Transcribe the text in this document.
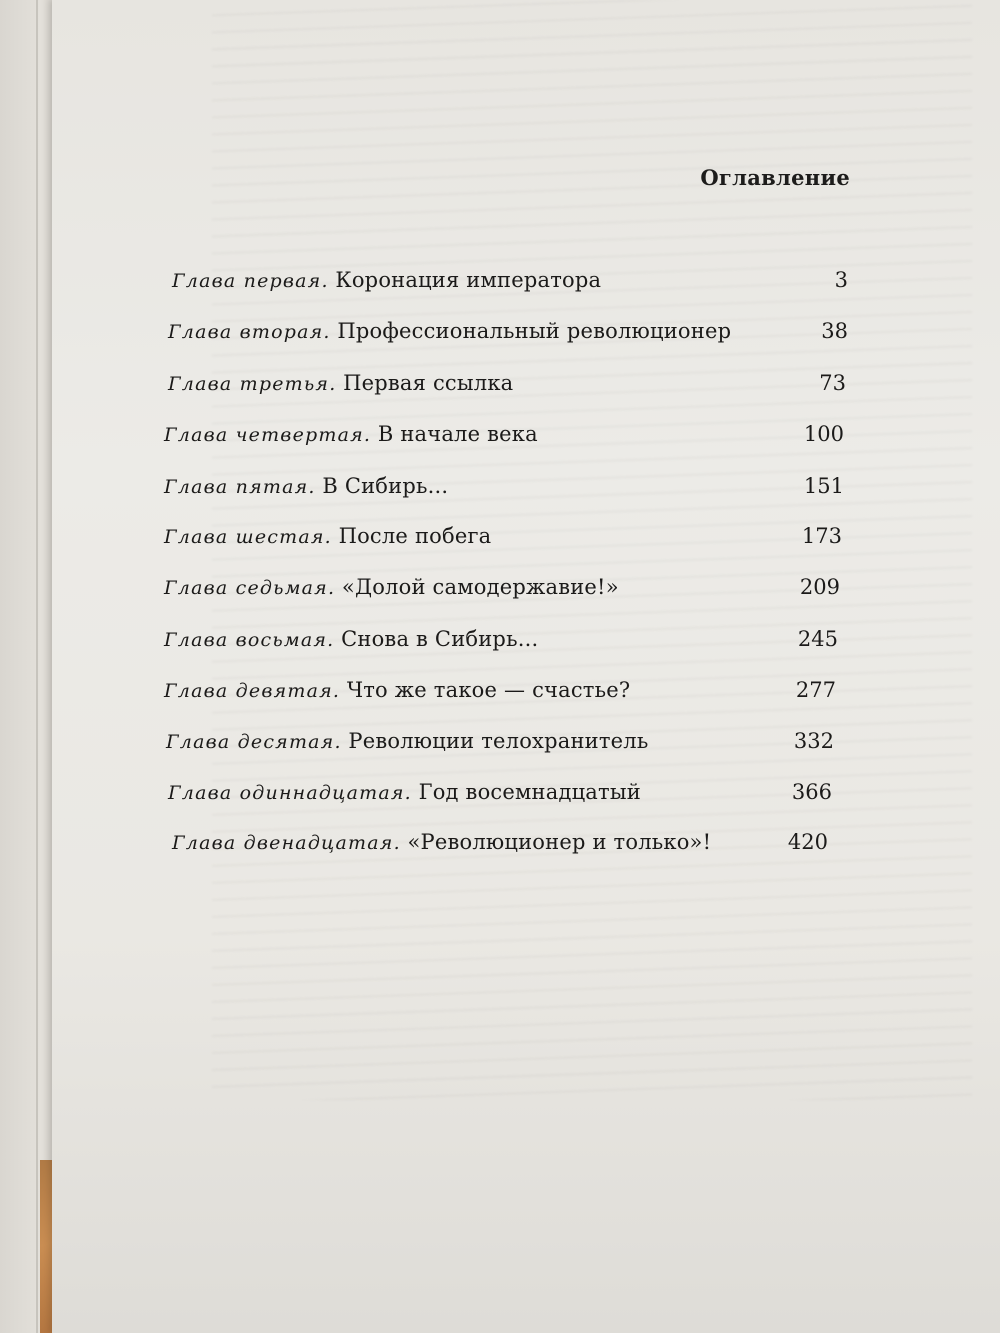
Оглавление
Глава первая. Коронация императора	3
Глава вторая. Профессиональный революционер	38
Глава третья. Первая ссылка	73
Глава четвертая. В начале века	100
Глава пятая. В Сибирь...	151
Глава шестая. После побега	173
Глава седьмая. «Долой самодержавие!»	209
Глава восьмая. Снова в Сибирь...	245
Глава девятая. Что же такое — счастье?	277
Глава десятая. Революции телохранитель	332
Глава одиннадцатая. Год восемнадцатый	366
Глава двенадцатая. «Революционер и только»!	420
